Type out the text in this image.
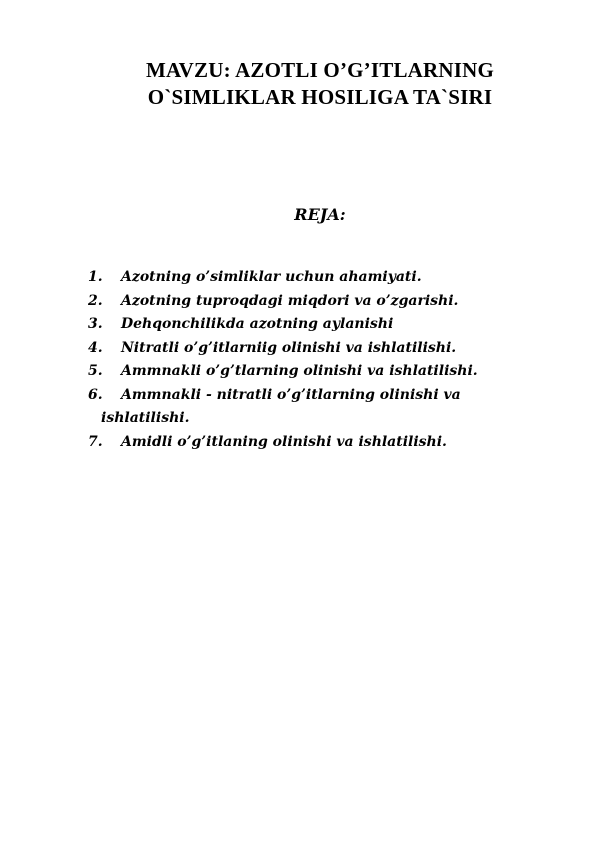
MAVZU: AZOTLI O’G’ITLARNING
O`SIMLIKLAR HOSILIGA TA`SIRI
REJA:
1. Azotning o’simliklar uchun ahamiyati.
2. Azotning tuproqdagi miqdori va o’zgarishi.
3. Dehqonchilikda azotning aylanishi
4. Nitratli o’g’itlarniig olinishi va ishlatilishi.
5. Ammnakli o’g’tlarning olinishi va ishlatilishi.
6. Ammnakli - nitratli o’g’itlarning olinishi va
ishlatilishi.
7. Amidli o’g’itlaning olinishi va ishlatilishi.
